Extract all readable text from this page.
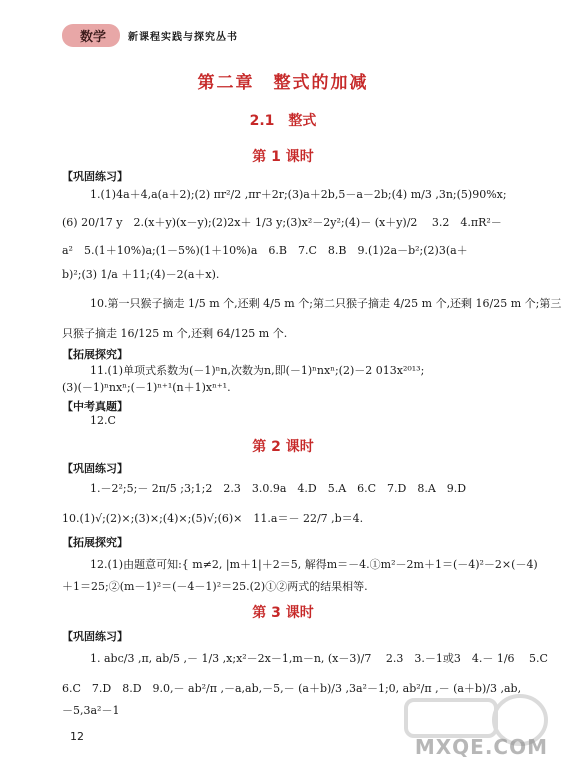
数学	新课程实践与探究丛书
第二章　整式的加减
2.1　整式
第 1 课时
【巩固练习】
1.(1)4a＋4,a(a＋2);(2) πr²/2 ,πr＋2r;(3)a＋2b,5－a－2b;(4) m/3 ,3n;(5)90%x;
(6) 20/17 y　2.(x＋y)(x－y);(2)2x＋ 1/3 y;(3)x²－2y²;(4)－ (x＋y)/2 　3.2　4.πR²－
a²　5.(1＋10%)a;(1－5%)(1＋10%)a　6.B　7.C　8.B　9.(1)2a－b²;(2)3(a＋
b)²;(3) 1/a ＋11;(4)－2(a＋x).
10.第一只猴子摘走 1/5 m 个,还剩 4/5 m 个;第二只猴子摘走 4/25 m 个,还剩 16/25 m 个;第三
只猴子摘走 16/125 m 个,还剩 64/125 m 个.
【拓展探究】
11.(1)单项式系数为(－1)ⁿn,次数为n,即(－1)ⁿnxⁿ;(2)－2 013x²⁰¹³;
(3)(－1)ⁿnxⁿ;(－1)ⁿ⁺¹(n＋1)xⁿ⁺¹.
【中考真题】
12.C
第 2 课时
【巩固练习】
1.－2²;5;－ 2π/5 ;3;1;2　2.3　3.0.9a　4.D　5.A　6.C　7.D　8.A　9.D
10.(1)√;(2)×;(3)×;(4)×;(5)√;(6)×　11.a＝－ 22/7 ,b＝4.
【拓展探究】
12.(1)由题意可知:{ m≠2, |m＋1|＋2＝5, 解得m＝－4.①m²－2m＋1＝(－4)²－2×(－4)
＋1＝25;②(m－1)²＝(－4－1)²＝25.(2)①②两式的结果相等.
第 3 课时
【巩固练习】
1. abc/3 ,π, ab/5 ,－ 1/3 ,x;x²－2x－1,m－n, (x－3)/7 　2.3　3.－1或3　4.－ 1/6 　5.C
6.C　7.D　8.D　9.0,－ ab²/π ,－a,ab,－5,－ (a＋b)/3 ,3a²－1;0, ab²/π ,－ (a＋b)/3 ,ab,
－5,3a²－1
12	MXQE.COM
